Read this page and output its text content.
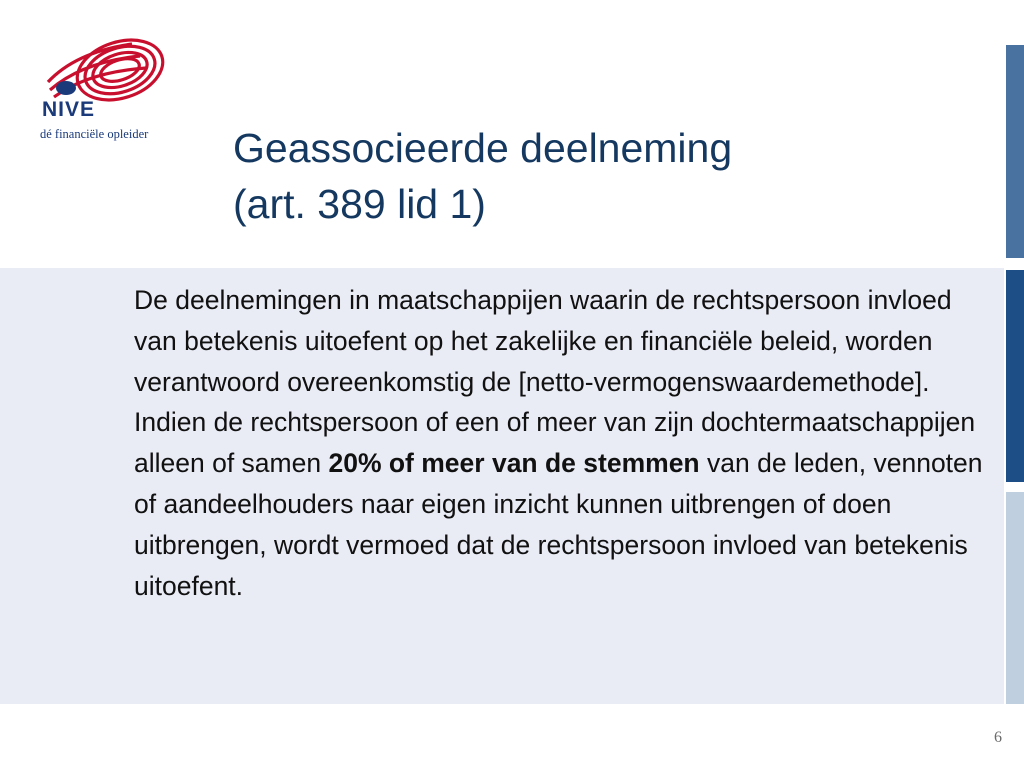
NIVE
dé financiële opleider Geassocieerde deelneming
(art. 389 lid 1)
De deelnemingen in maatschappijen waarin de rechtspersoon invloed van betekenis uitoefent op het zakelijke en financiële beleid, worden verantwoord overeenkomstig de [netto-vermogenswaardemethode]. Indien de rechtspersoon of een of meer van zijn dochtermaatschappijen alleen of samen 20% of meer van de stemmen van de leden, vennoten of aandeelhouders naar eigen inzicht kunnen uitbrengen of doen uitbrengen, wordt vermoed dat de rechtspersoon invloed van betekenis uitoefent.
6
